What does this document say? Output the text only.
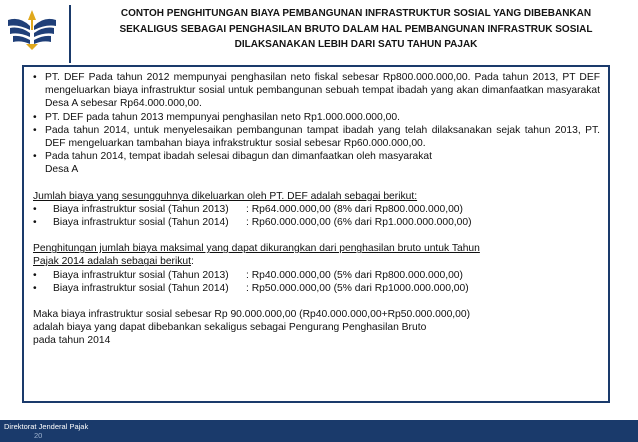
CONTOH PENGHITUNGAN BIAYA PEMBANGUNAN INFRASTRUKTUR SOSIAL YANG DIBEBANKAN
SEKALIGUS SEBAGAI PENGHASILAN BRUTO DALAM HAL PEMBANGUNAN INFRASTRUK SOSIAL
DILAKSANAKAN LEBIH DARI SATU TAHUN PAJAK
• PT. DEF Pada tahun 2012 mempunyai penghasilan neto fiskal sebesar Rp800.000.000,00. Pada tahun 2013, PT DEF mengeluarkan biaya infrastruktur sosial untuk pembangunan sebuah tempat ibadah yang akan dimanfaatkan masyarakat Desa A sebesar Rp64.000.000,00.
• PT. DEF pada tahun 2013 mempunyai penghasilan neto Rp1.000.000.000,00.
• Pada tahun 2014, untuk menyelesaikan pembangunan tampat ibadah yang telah dilaksanakan sejak tahun 2013, PT. DEF mengeluarkan tambahan biaya infrakstruktur sosial sebesar Rp60.000.000,00.
• Pada tahun 2014, tempat ibadah selesai dibagun dan dimanfaatkan oleh masyarakat
Desa A
Jumlah biaya yang sesungguhnya dikeluarkan oleh PT. DEF adalah sebagai berikut:
•	Biaya infrastruktur sosial (Tahun 2013)	: Rp64.000.000,00 (8% dari Rp800.000.000,00)
•	Biaya infrastruktur sosial (Tahun 2014)	: Rp60.000.000,00 (6% dari Rp1.000.000.000,00)
Penghitungan jumlah biaya maksimal yang dapat dikurangkan dari penghasilan bruto untuk Tahun
Pajak 2014 adalah sebagai berikut:
•	Biaya infrastruktur sosial (Tahun 2013)	: Rp40.000.000,00 (5% dari Rp800.000.000,00)
•	Biaya infrastruktur sosial (Tahun 2014)	: Rp50.000.000,00 (5% dari Rp1000.000.000,00)
Maka biaya infrastruktur sosial sebesar Rp 90.000.000,00 (Rp40.000.000,00+Rp50.000.000,00)
adalah biaya yang dapat dibebankan sekaligus sebagai Pengurang Penghasilan Bruto
pada tahun 2014
Direktorat Jenderal Pajak
20
